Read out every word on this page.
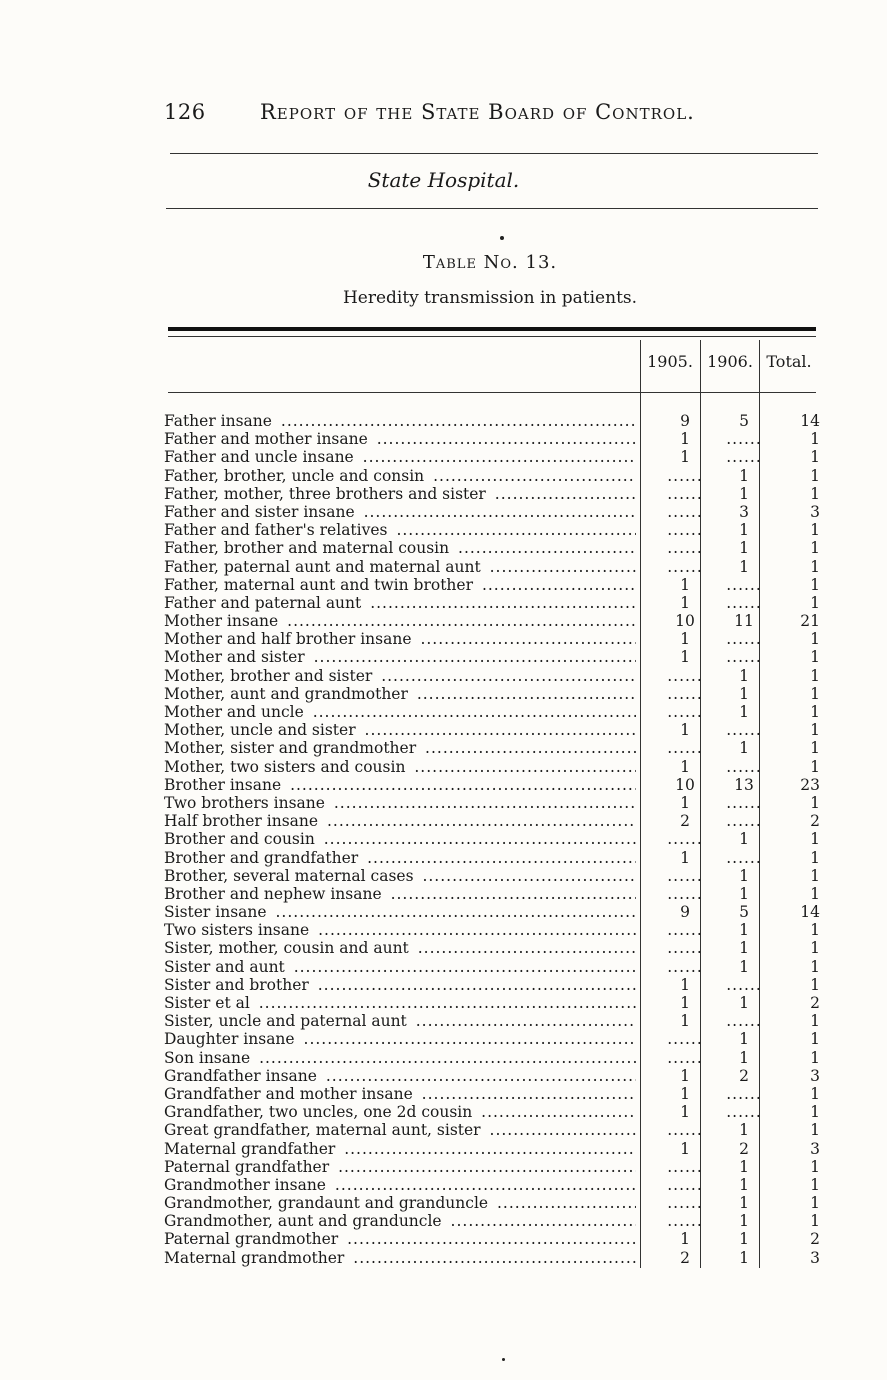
126	Report of the State Board of Control.
State Hospital.
Table No. 13.
Heredity transmission in patients.
1905. 1906. Total.
Father insane .....	9	5	14
Father and mother insane .....	1 ......	1
Father and uncle insane .....	1 ......	1
Father, brother, uncle and consin ..... ......	1	1
Father, mother, three brothers and sister ..... ......	1	1
Father and sister insane ..... ......	3	3
Father and father's relatives ..... ......	1	1
Father, brother and maternal cousin ..... ......	1	1
Father, paternal aunt and maternal aunt ..... ......	1	1
Father, maternal aunt and twin brother .....	1 ......	1
Father and paternal aunt .....	1 ......	1
Mother insane .....	10	11	21
Mother and half brother insane .....	1 ......	1
Mother and sister .....	1 ......	1
Mother, brother and sister ..... ......	1	1
Mother, aunt and grandmother ..... ......	1	1
Mother and uncle ..... ......	1	1
Mother, uncle and sister .....	1 ......	1
Mother, sister and grandmother ..... ......	1	1
Mother, two sisters and cousin .....	1 ......	1
Brother insane .....	10	13	23
Two brothers insane .....	1 ......	1
Half brother insane .....	2 ......	2
Brother and cousin ..... ......	1	1
Brother and grandfather .....	1 ......	1
Brother, several maternal cases ..... ......	1	1
Brother and nephew insane ..... ......	1	1
Sister insane .....	9	5	14
Two sisters insane ..... ......	1	1
Sister, mother, cousin and aunt ..... ......	1	1
Sister and aunt ..... ......	1	1
Sister and brother .....	1 ......	1
Sister et al .....	1	1	2
Sister, uncle and paternal aunt .....	1 ......	1
Daughter insane ..... ......	1	1
Son insane ..... ......	1	1
Grandfather insane .....	1	2	3
Grandfather and mother insane .....	1 ......	1
Grandfather, two uncles, one 2d cousin .....	1 ......	1
Great grandfather, maternal aunt, sister ..... ......	1	1
Maternal grandfather .....	1	2	3
Paternal grandfather ..... ......	1	1
Grandmother insane ..... ......	1	1
Grandmother, grandaunt and granduncle ..... ......	1	1
Grandmother, aunt and granduncle ..... ......	1	1
Paternal grandmother .....	1	1	2
Maternal grandmother .....	2	1	3
